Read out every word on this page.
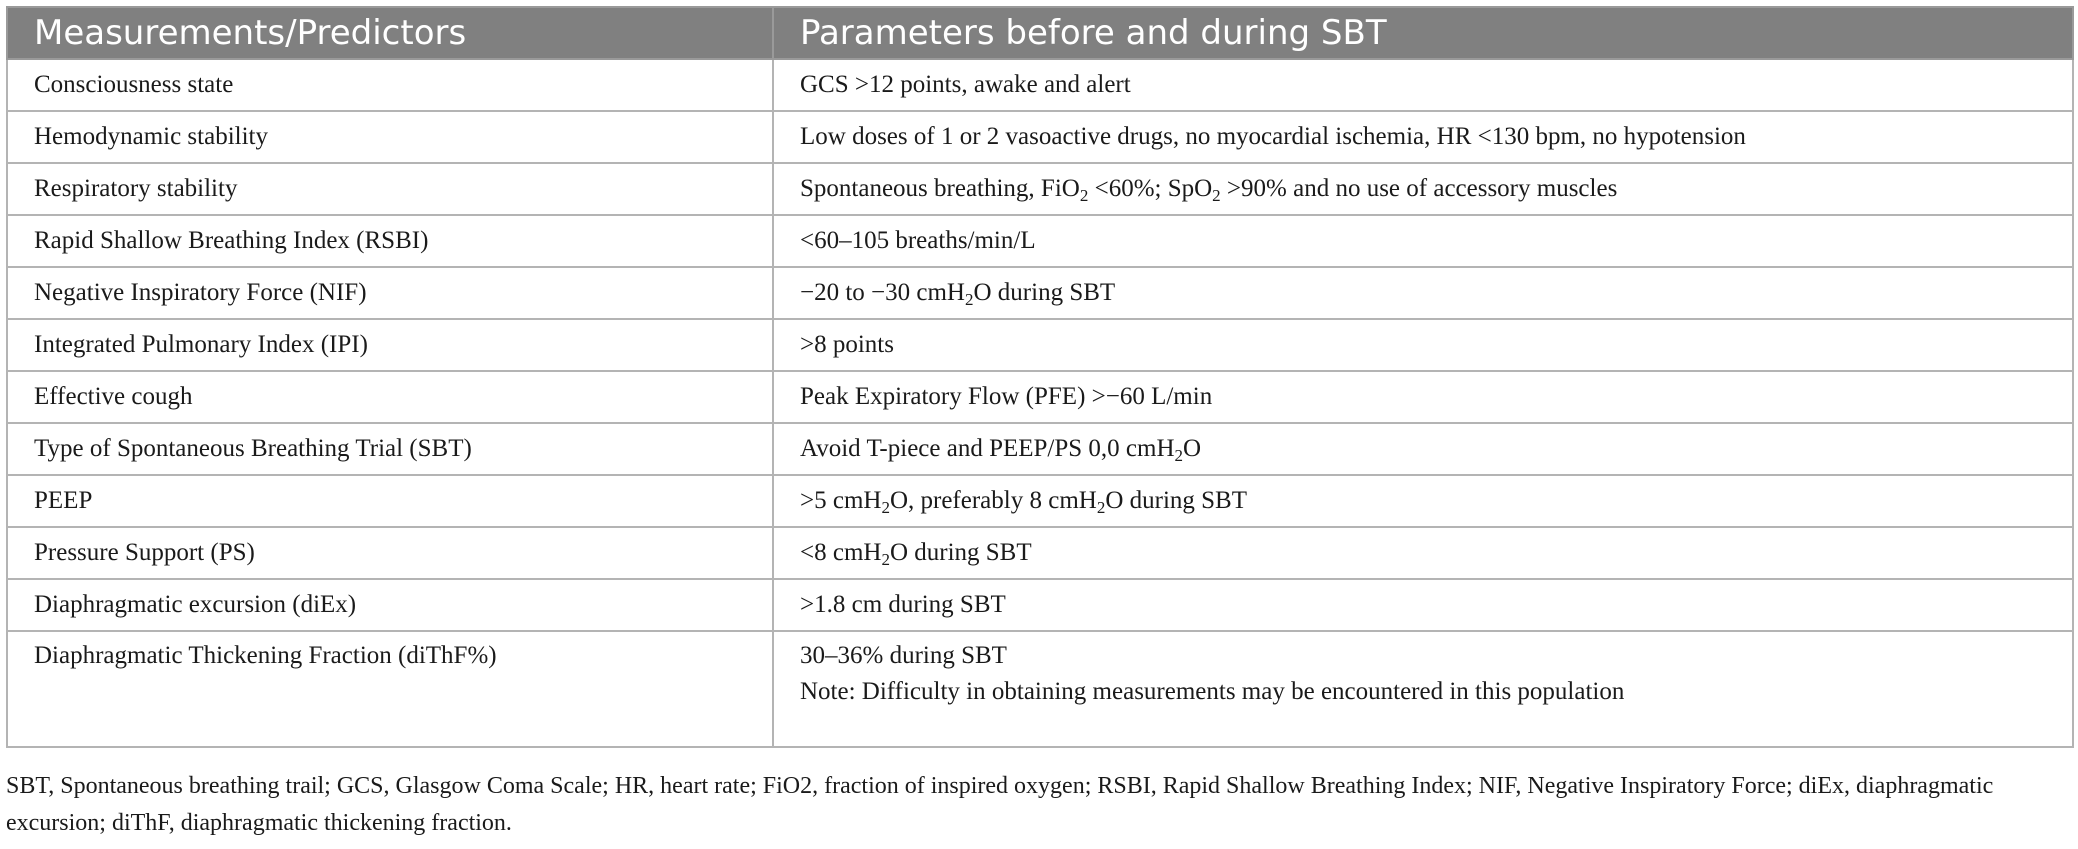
Measurements/Predictors	Parameters before and during SBT
Consciousness state	GCS >12 points, awake and alert
Hemodynamic stability	Low doses of 1 or 2 vasoactive drugs, no myocardial ischemia, HR <130 bpm, no hypotension
Respiratory stability	Spontaneous breathing, FiO$_2$ <60%; SpO$_2$ >90% and no use of accessory muscles
Rapid Shallow Breathing Index (RSBI)	<60–105 breaths/min/L
Negative Inspiratory Force (NIF)	−20 to −30 cmH$_2$O during SBT
Integrated Pulmonary Index (IPI)	>8 points
Effective cough	Peak Expiratory Flow (PFE) >−60 L/min
Type of Spontaneous Breathing Trial (SBT)	Avoid T-piece and PEEP/PS 0,0 cmH$_2$O
PEEP	>5 cmH$_2$O, preferably 8 cmH$_2$O during SBT
Pressure Support (PS)	<8 cmH$_2$O during SBT
Diaphragmatic excursion (diEx)	>1.8 cm during SBT
Diaphragmatic Thickening Fraction (diThF%)	30–36% during SBT
Note: Difficulty in obtaining measurements may be encountered in this population
SBT, Spontaneous breathing trail; GCS, Glasgow Coma Scale; HR, heart rate; FiO2, fraction of inspired oxygen; RSBI, Rapid Shallow Breathing Index; NIF, Negative Inspiratory Force; diEx, diaphragmatic excursion; diThF, diaphragmatic thickening fraction.
